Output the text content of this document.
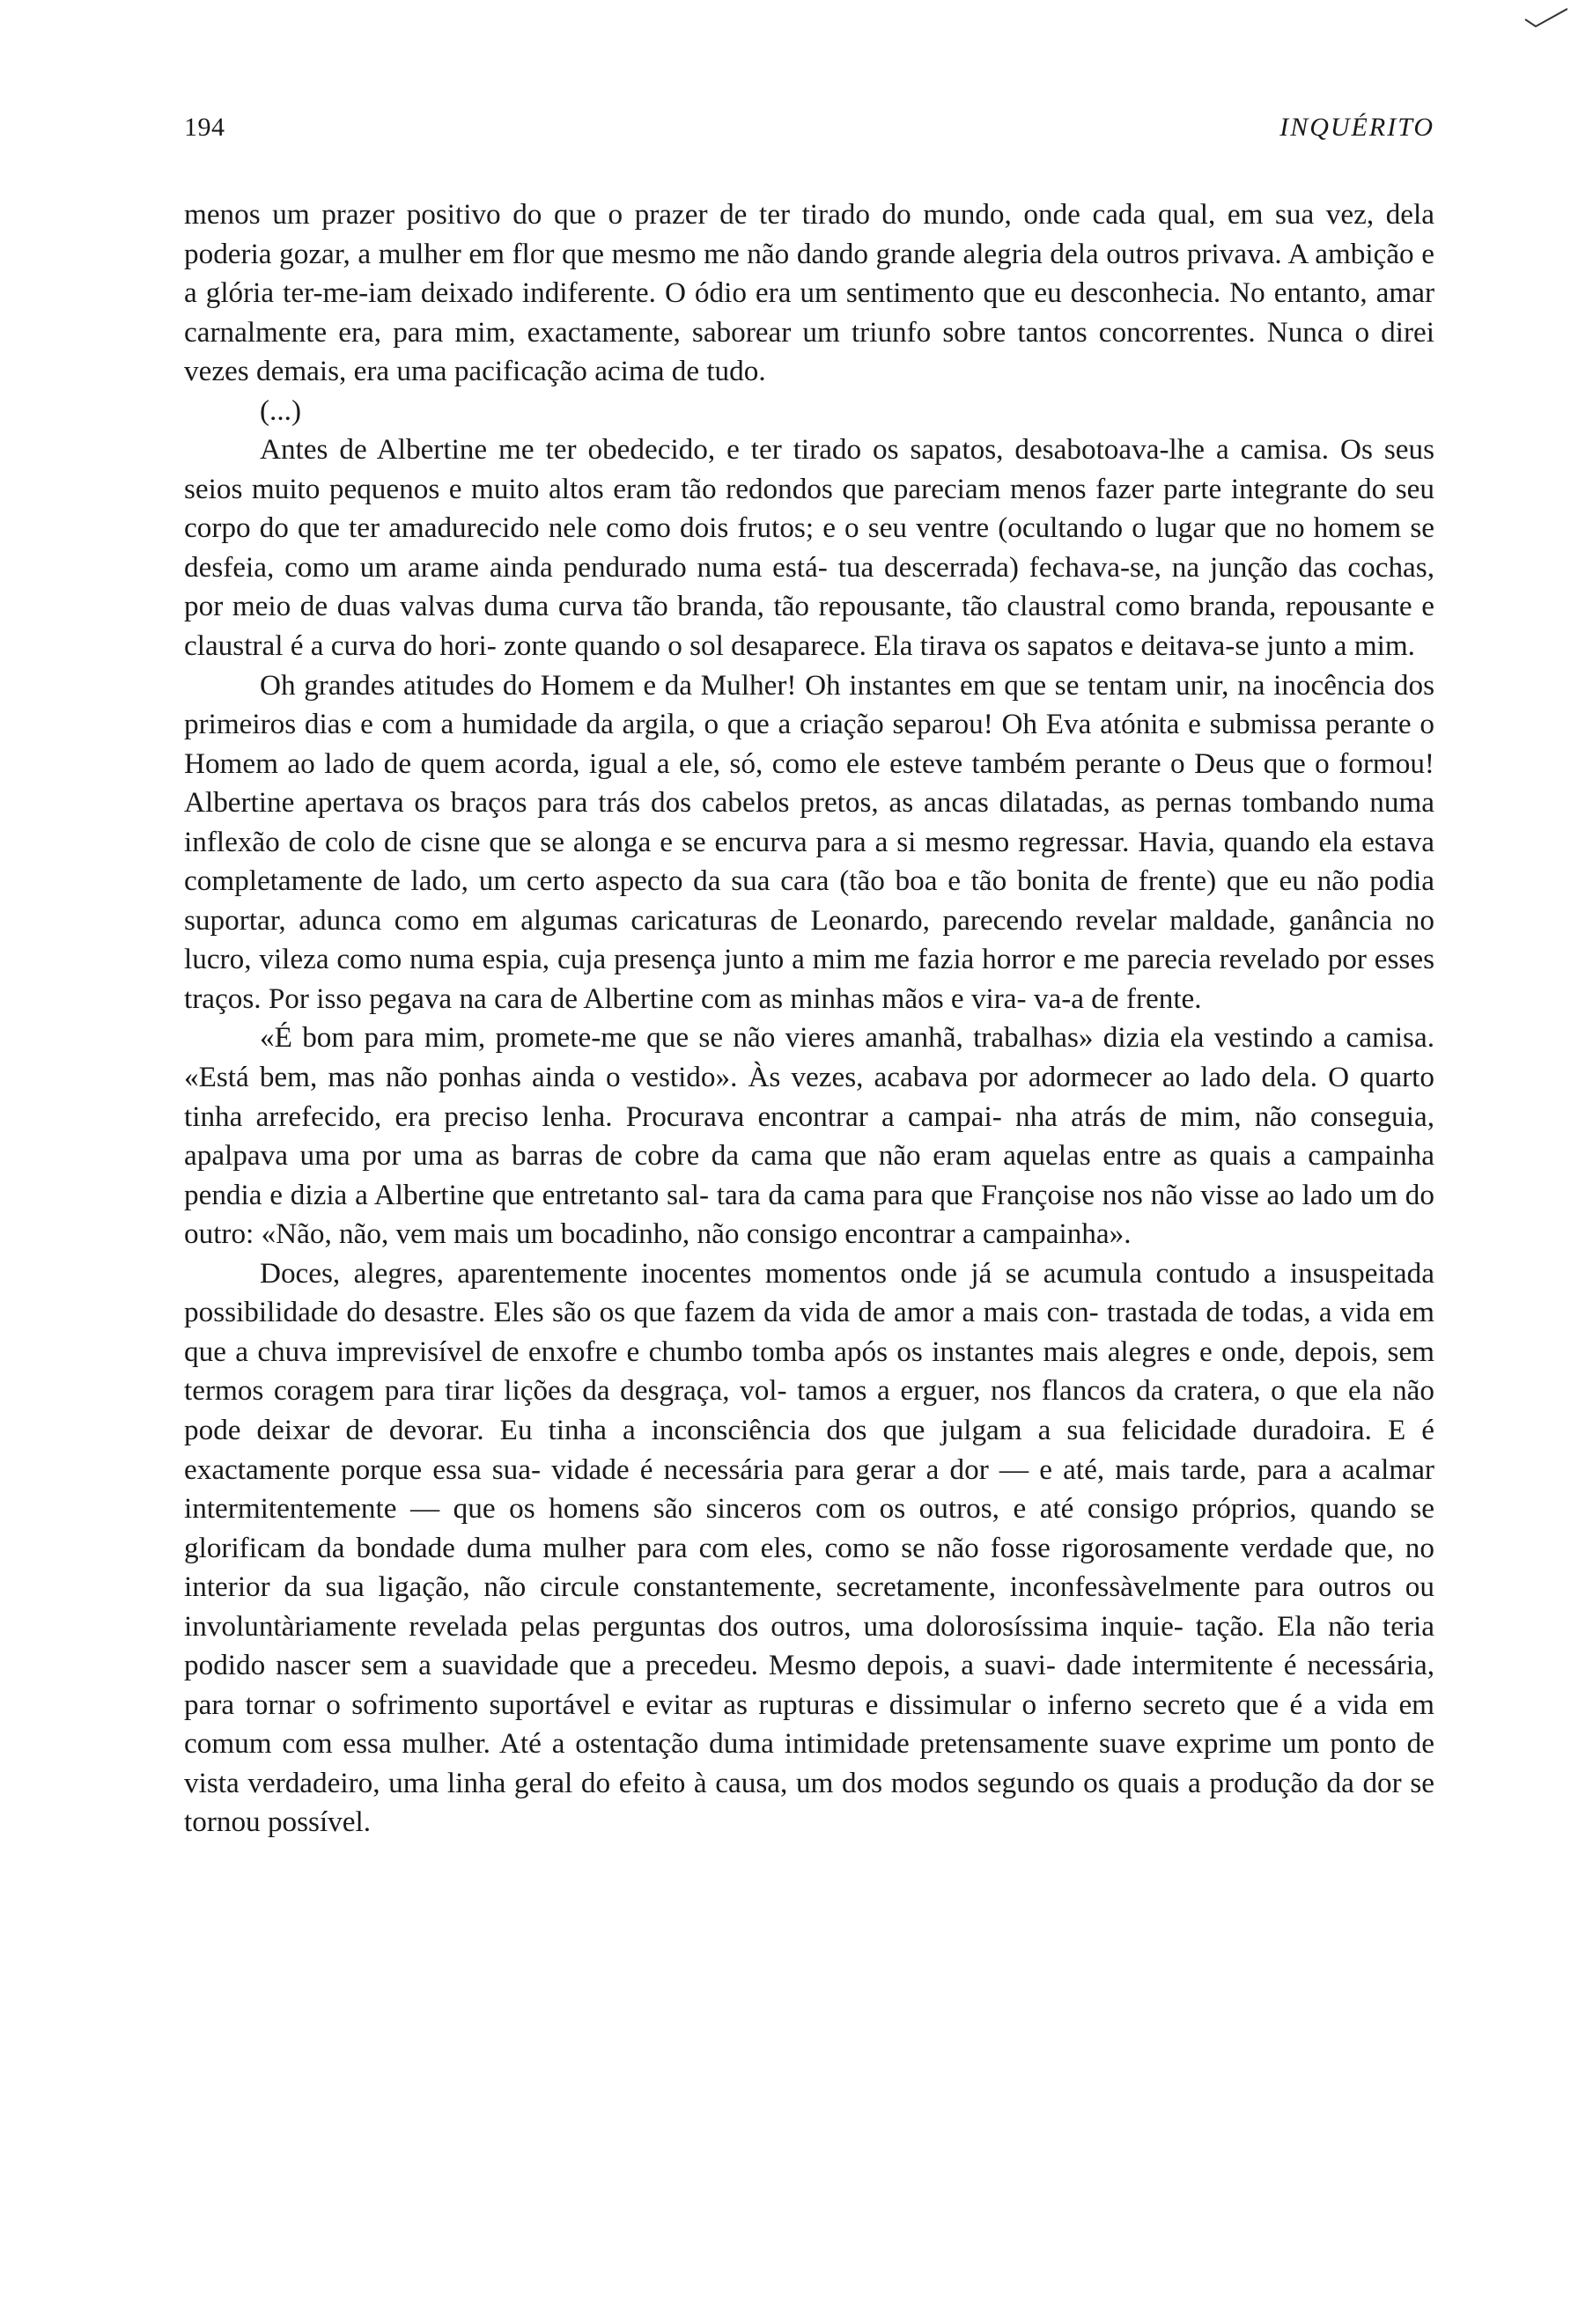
194	INQUÉRITO

menos um prazer positivo do que o prazer de ter tirado do mundo, onde cada qual, em sua vez, dela poderia gozar, a mulher em flor que mesmo me não dando grande alegria dela outros privava. A ambição e a glória ter-me-iam deixado indiferente. O ódio era um sentimento que eu desconhecia. No entanto, amar carnalmente era, para mim, exactamente, saborear um triunfo sobre tantos concorrentes. Nunca o direi vezes demais, era uma pacificação acima de tudo.

(...)

Antes de Albertine me ter obedecido, e ter tirado os sapatos, desabotoava-lhe a camisa. Os seus seios muito pequenos e muito altos eram tão redondos que pareciam menos fazer parte integrante do seu corpo do que ter amadurecido nele como dois frutos; e o seu ventre (ocultando o lugar que no homem se desfeia, como um arame ainda pendurado numa está- tua descerrada) fechava-se, na junção das cochas, por meio de duas valvas duma curva tão branda, tão repousante, tão claustral como branda, repousante e claustral é a curva do hori- zonte quando o sol desaparece. Ela tirava os sapatos e deitava-se junto a mim.

Oh grandes atitudes do Homem e da Mulher! Oh instantes em que se tentam unir, na inocência dos primeiros dias e com a humidade da argila, o que a criação separou! Oh Eva atónita e submissa perante o Homem ao lado de quem acorda, igual a ele, só, como ele esteve também perante o Deus que o formou! Albertine apertava os braços para trás dos cabelos pretos, as ancas dilatadas, as pernas tombando numa inflexão de colo de cisne que se alonga e se encurva para a si mesmo regressar. Havia, quando ela estava completamente de lado, um certo aspecto da sua cara (tão boa e tão bonita de frente) que eu não podia suportar, adunca como em algumas caricaturas de Leonardo, parecendo revelar maldade, ganância no lucro, vileza como numa espia, cuja presença junto a mim me fazia horror e me parecia revelado por esses traços. Por isso pegava na cara de Albertine com as minhas mãos e vira- va-a de frente.

«É bom para mim, promete-me que se não vieres amanhã, trabalhas» dizia ela vestindo a camisa. «Está bem, mas não ponhas ainda o vestido». Às vezes, acabava por adormecer ao lado dela. O quarto tinha arrefecido, era preciso lenha. Procurava encontrar a campai- nha atrás de mim, não conseguia, apalpava uma por uma as barras de cobre da cama que não eram aquelas entre as quais a campainha pendia e dizia a Albertine que entretanto sal- tara da cama para que Françoise nos não visse ao lado um do outro: «Não, não, vem mais um bocadinho, não consigo encontrar a campainha».

Doces, alegres, aparentemente inocentes momentos onde já se acumula contudo a insuspeitada possibilidade do desastre. Eles são os que fazem da vida de amor a mais con- trastada de todas, a vida em que a chuva imprevisível de enxofre e chumbo tomba após os instantes mais alegres e onde, depois, sem termos coragem para tirar lições da desgraça, vol- tamos a erguer, nos flancos da cratera, o que ela não pode deixar de devorar. Eu tinha a inconsciência dos que julgam a sua felicidade duradoira. E é exactamente porque essa sua- vidade é necessária para gerar a dor — e até, mais tarde, para a acalmar intermitentemente — que os homens são sinceros com os outros, e até consigo próprios, quando se glorificam da bondade duma mulher para com eles, como se não fosse rigorosamente verdade que, no interior da sua ligação, não circule constantemente, secretamente, inconfessàvelmente para outros ou involuntàriamente revelada pelas perguntas dos outros, uma dolorosíssima inquie- tação. Ela não teria podido nascer sem a suavidade que a precedeu. Mesmo depois, a suavi- dade intermitente é necessária, para tornar o sofrimento suportável e evitar as rupturas e dissimular o inferno secreto que é a vida em comum com essa mulher. Até a ostentação duma intimidade pretensamente suave exprime um ponto de vista verdadeiro, uma linha geral do efeito à causa, um dos modos segundo os quais a produção da dor se tornou possível.
